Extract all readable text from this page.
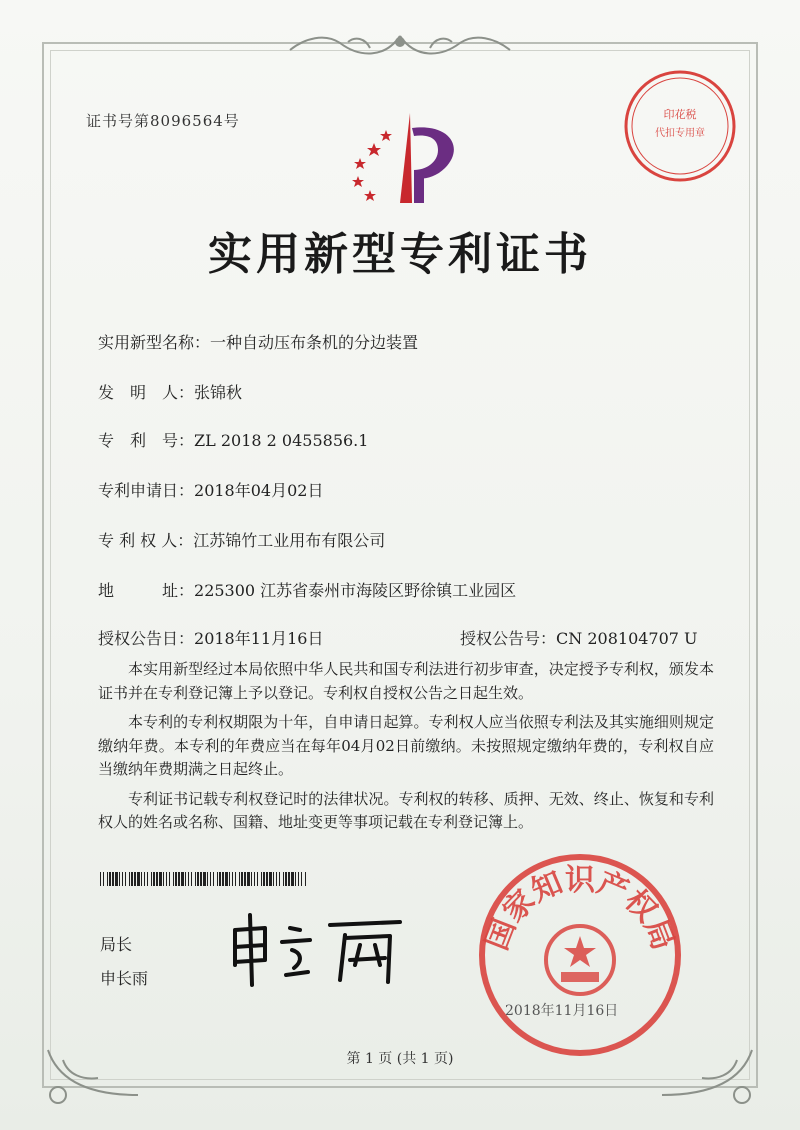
证书号第8096564号
实用新型专利证书
实用新型名称：一种自动压布条机的分边装置
发　明　人：张锦秋
专　利　号：ZL 2018 2 0455856.1
专利申请日：2018年04月02日
专 利 权 人：江苏锦竹工业用布有限公司
地　　　址：225300 江苏省泰州市海陵区野徐镇工业园区
授权公告日：2018年11月16日	授权公告号：CN 208104707 U

本实用新型经过本局依照中华人民共和国专利法进行初步审查，决定授予专利权，颁发本证书并在专利登记簿上予以登记。专利权自授权公告之日起生效。

本专利的专利权期限为十年，自申请日起算。专利权人应当依照专利法及其实施细则规定缴纳年费。本专利的年费应当在每年04月02日前缴纳。未按照规定缴纳年费的，专利权自应当缴纳年费期满之日起终止。

专利证书记载专利权登记时的法律状况。专利权的转移、质押、无效、终止、恢复和专利权人的姓名或名称、国籍、地址变更等事项记载在专利登记簿上。

局长
申长雨
印花税
代扣专用章
国家知识产权局
2018年11月16日
第 1 页 (共 1 页)
